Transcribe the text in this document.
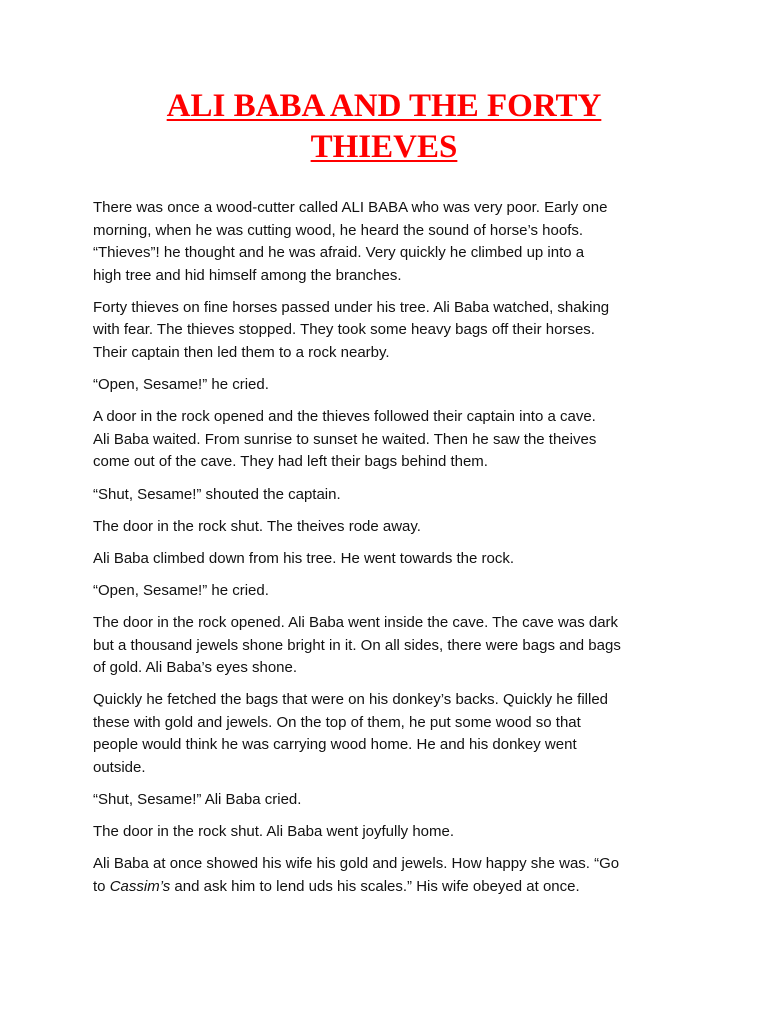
ALI BABA AND THE FORTY
THIEVES

There was once a wood-cutter called ALI BABA who was very poor. Early one
morning, when he was cutting wood, he heard the sound of horse’s hoofs.
“Thieves”! he thought and he was afraid. Very quickly he climbed up into a
high tree and hid himself among the branches.

Forty thieves on fine horses passed under his tree. Ali Baba watched, shaking
with fear. The thieves stopped. They took some heavy bags off their horses.
Their captain then led them to a rock nearby.

“Open, Sesame!” he cried.

A door in the rock opened and the thieves followed their captain into a cave.
Ali Baba waited. From sunrise to sunset he waited. Then he saw the theives
come out of the cave. They had left their bags behind them.

“Shut, Sesame!” shouted the captain.

The door in the rock shut. The theives rode away.

Ali Baba climbed down from his tree. He went towards the rock.

“Open, Sesame!” he cried.

The door in the rock opened. Ali Baba went inside the cave. The cave was dark
but a thousand jewels shone bright in it. On all sides, there were bags and bags
of gold. Ali Baba’s eyes shone.

Quickly he fetched the bags that were on his donkey’s backs. Quickly he filled
these with gold and jewels. On the top of them, he put some wood so that
people would think he was carrying wood home. He and his donkey went
outside.

“Shut, Sesame!” Ali Baba cried.

The door in the rock shut. Ali Baba went joyfully home.

Ali Baba at once showed his wife his gold and jewels. How happy she was. “Go
to Cassim’s and ask him to lend uds his scales.” His wife obeyed at once.
